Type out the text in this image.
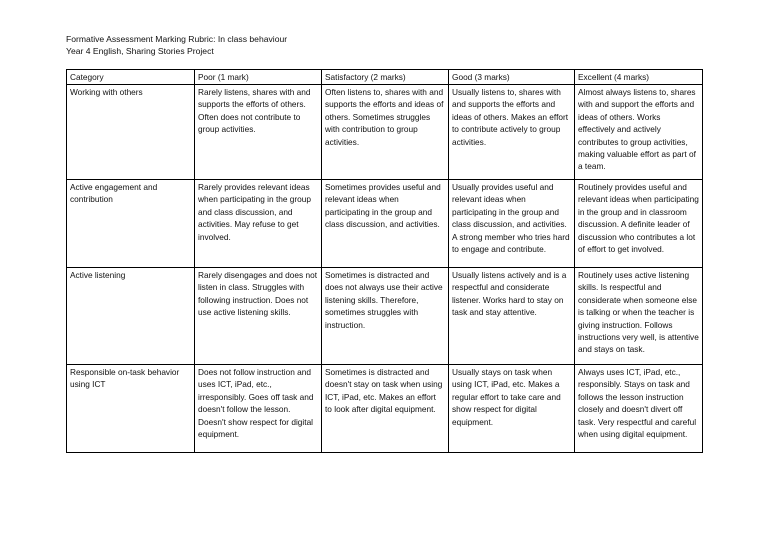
Formative Assessment Marking Rubric: In class behaviour
Year 4 English, Sharing Stories Project
Category	Poor (1 mark)	Satisfactory (2 marks)	Good (3 marks)	Excellent (4 marks)
Working with others	Rarely listens, shares with and supports the efforts of others. Often does not contribute to group activities.	Often listens to, shares with and supports the efforts and ideas of others. Sometimes struggles with contribution to group activities.	Usually listens to, shares with and supports the efforts and ideas of others. Makes an effort to contribute actively to group activities.	Almost always listens to, shares with and support the efforts and ideas of others. Works effectively and actively contributes to group activities, making valuable effort as part of a team.
Active engagement and contribution	Rarely provides relevant ideas when participating in the group and class discussion, and activities. May refuse to get involved.	Sometimes provides useful and relevant ideas when participating in the group and class discussion, and activities.	Usually provides useful and relevant ideas when participating in the group and class discussion, and activities. A strong member who tries hard to engage and contribute.	Routinely provides useful and relevant ideas when participating in the group and in classroom discussion. A definite leader of discussion who contributes a lot of effort to get involved.
Active listening	Rarely disengages and does not listen in class. Struggles with following instruction. Does not use active listening skills.	Sometimes is distracted and does not always use their active listening skills. Therefore, sometimes struggles with instruction.	Usually listens actively and is a respectful and considerate listener. Works hard to stay on task and stay attentive.	Routinely uses active listening skills. Is respectful and considerate when someone else is talking or when the teacher is giving instruction. Follows instructions very well, is attentive and stays on task.
Responsible on-task behavior using ICT	Does not follow instruction and uses ICT, iPad, etc., irresponsibly. Goes off task and doesn't follow the lesson. Doesn't show respect for digital equipment.	Sometimes is distracted and doesn't stay on task when using ICT, iPad, etc. Makes an effort to look after digital equipment.	Usually stays on task when using ICT, iPad, etc. Makes a regular effort to take care and show respect for digital equipment.	Always uses ICT, iPad, etc., responsibly. Stays on task and follows the lesson instruction closely and doesn't divert off task. Very respectful and careful when using digital equipment.
